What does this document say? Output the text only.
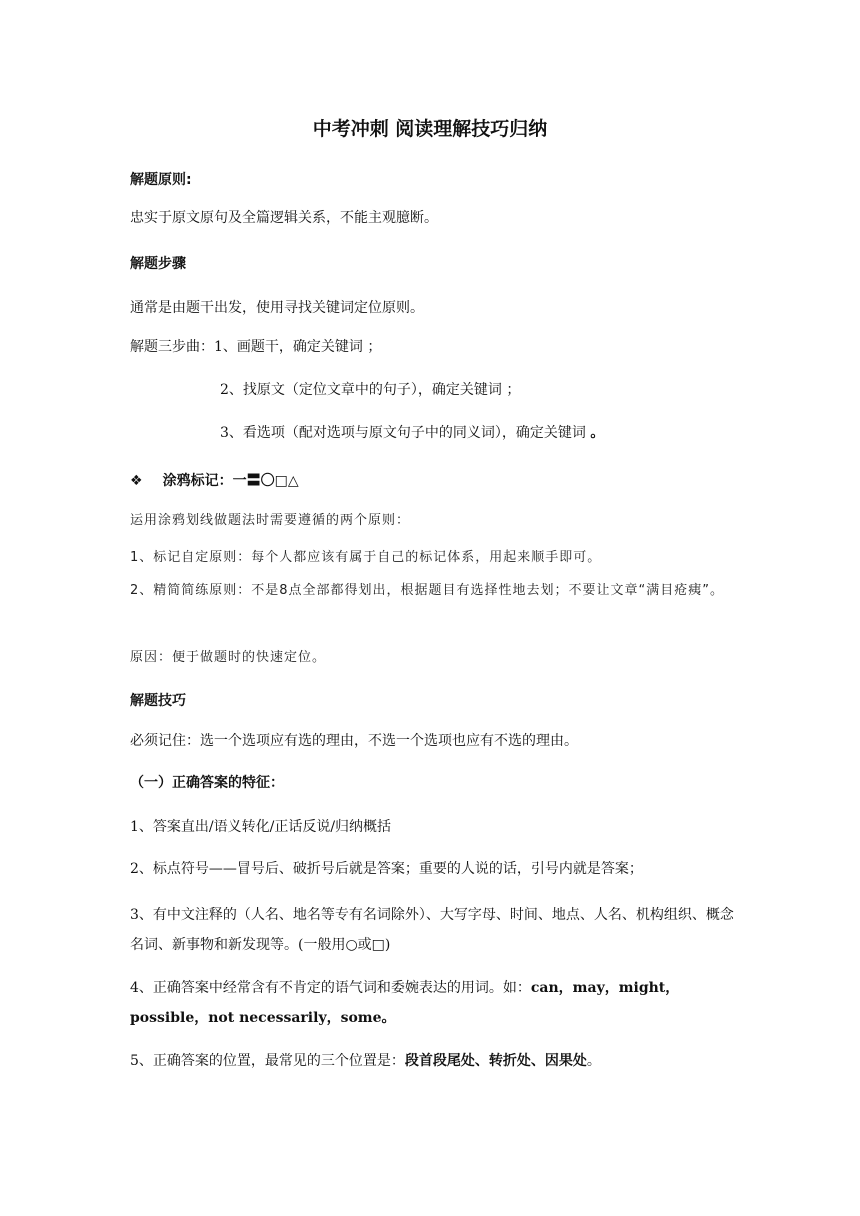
中考冲刺 阅读理解技巧归纳
解题原则:
忠实于原文原句及全篇逻辑关系，不能主观臆断。
解题步骤
通常是由题干出发，使用寻找关键词定位原则。
解题三步曲：1、画题干，确定关键词 ；
2、找原文（定位文章中的句子），确定关键词 ；
3、看选项（配对选项与原文句子中的同义词），确定关键词 。
❖ 涂鸦标记：一〓〇□△
运用涂鸦划线做题法时需要遵循的两个原则：
1、标记自定原则：每个人都应该有属于自己的标记体系，用起来顺手即可。
2、精简简练原则：不是8点全部都得划出，根据题目有选择性地去划；不要让文章“满目疮痍”。
原因：便于做题时的快速定位。
解题技巧
必须记住：选一个选项应有选的理由，不选一个选项也应有不选的理由。
（一）正确答案的特征：
1、答案直出/语义转化/正话反说/归纳概括
2、标点符号——冒号后、破折号后就是答案；重要的人说的话，引号内就是答案；
3、有中文注释的（人名、地名等专有名词除外）、大写字母、时间、地点、人名、机构组织、概念名词、新事物和新发现等。(一般用○或□)
4、正确答案中经常含有不肯定的语气词和委婉表达的用词。如：can，may，might，possible，not necessarily，some。
5、正确答案的位置，最常见的三个位置是：段首段尾处、转折处、因果处。
